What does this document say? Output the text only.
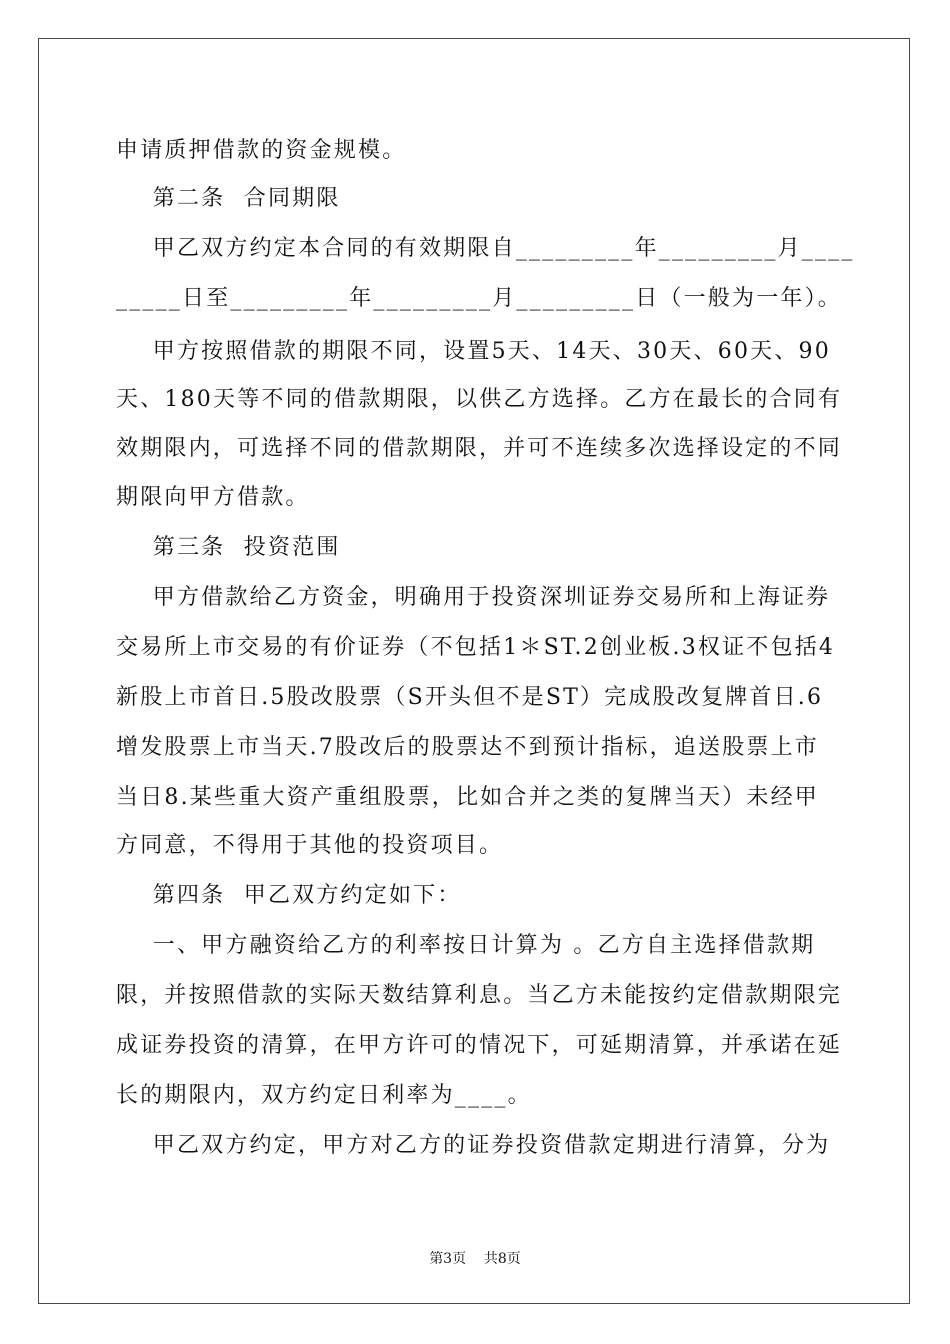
申请质押借款的资金规模。
第二条  合同期限
甲乙双方约定本合同的有效期限自_________年_________月____
_____日至_________年_________月_________日（一般为一年）。
甲方按照借款的期限不同，设置5天、14天、30天、60天、90
天、180天等不同的借款期限，以供乙方选择。乙方在最长的合同有
效期限内，可选择不同的借款期限，并可不连续多次选择设定的不同
期限向甲方借款。
第三条  投资范围
甲方借款给乙方资金，明确用于投资深圳证券交易所和上海证券
交易所上市交易的有价证券（不包括1＊ST.2创业板.3权证不包括4
新股上市首日.5股改股票（S开头但不是ST）完成股改复牌首日.6
增发股票上市当天.7股改后的股票达不到预计指标，追送股票上市
当日8.某些重大资产重组股票，比如合并之类的复牌当天）未经甲
方同意，不得用于其他的投资项目。
第四条  甲乙双方约定如下：
一、甲方融资给乙方的利率按日计算为 。乙方自主选择借款期
限，并按照借款的实际天数结算利息。当乙方未能按约定借款期限完
成证券投资的清算，在甲方许可的情况下，可延期清算，并承诺在延
长的期限内，双方约定日利率为____。
甲乙双方约定，甲方对乙方的证券投资借款定期进行清算，分为
第3页    共8页
